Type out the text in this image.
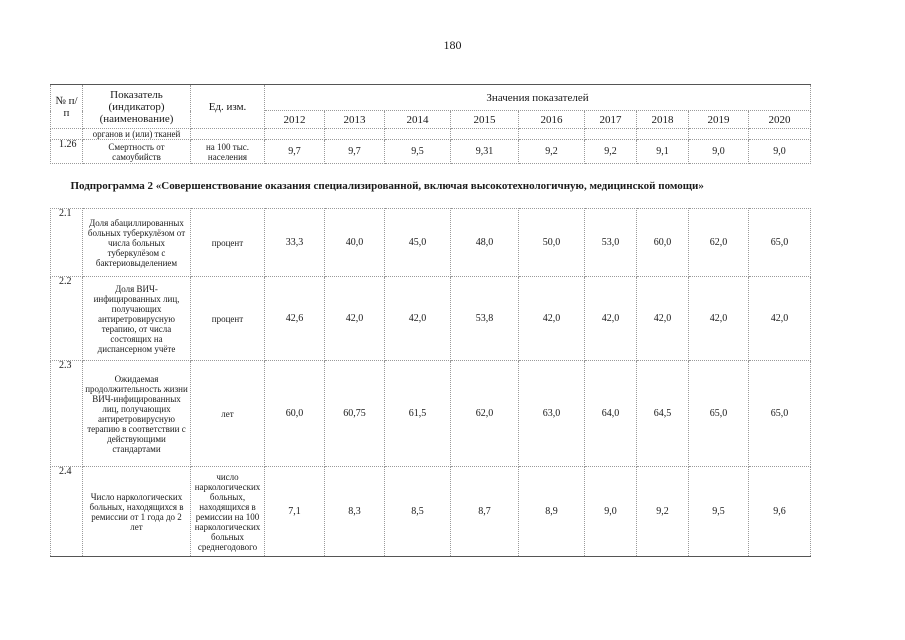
180
№ п/п	Показатель (индикатор) (наименование)	Ед. изм.	Значения показателей								
			2012	2013	2014	2015	2016	2017	2018	2019	2020
	органов и (или) тканей										
1.26	Смертность от самоубийств	на 100 тыс. населения	9,7	9,7	9,5	9,31	9,2	9,2	9,1	9,0	9,0
Подпрограмма 2 «Совершенствование оказания специализированной, включая высокотехнологичную, медицинской помощи»											
2.1	Доля абациллированных больных туберкулёзом от числа больных туберкулёзом с бактериовыделением	процент	33,3	40,0	45,0	48,0	50,0	53,0	60,0	62,0	65,0
2.2	Доля ВИЧ-инфицированных лиц, получающих антиретровирусную терапию, от числа состоящих на диспансерном учёте	процент	42,6	42,0	42,0	53,8	42,0	42,0	42,0	42,0	42,0
2.3	Ожидаемая продолжительность жизни ВИЧ-инфицированных лиц, получающих антиретровирусную терапию в соответствии с действующими стандартами	лет	60,0	60,75	61,5	62,0	63,0	64,0	64,5	65,0	65,0
2.4	Число наркологических больных, находящихся в ремиссии от 1 года до 2 лет	число наркологических больных, находящихся в ремиссии на 100 наркологических больных среднегодового	7,1	8,3	8,5	8,7	8,9	9,0	9,2	9,5	9,6
